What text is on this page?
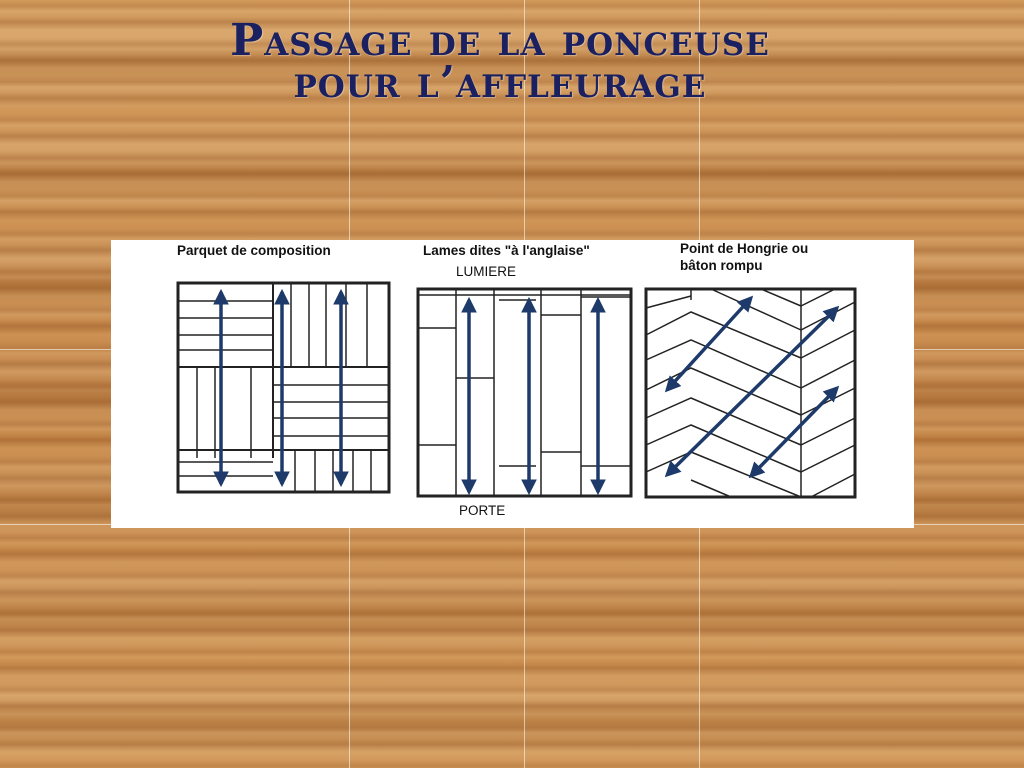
Passage de la ponceuse
pour l’affleurage
Parquet de composition	Lames dites "à l'anglaise"
LUMIERE
PORTE
Point de Hongrie ou
bâton rompu
